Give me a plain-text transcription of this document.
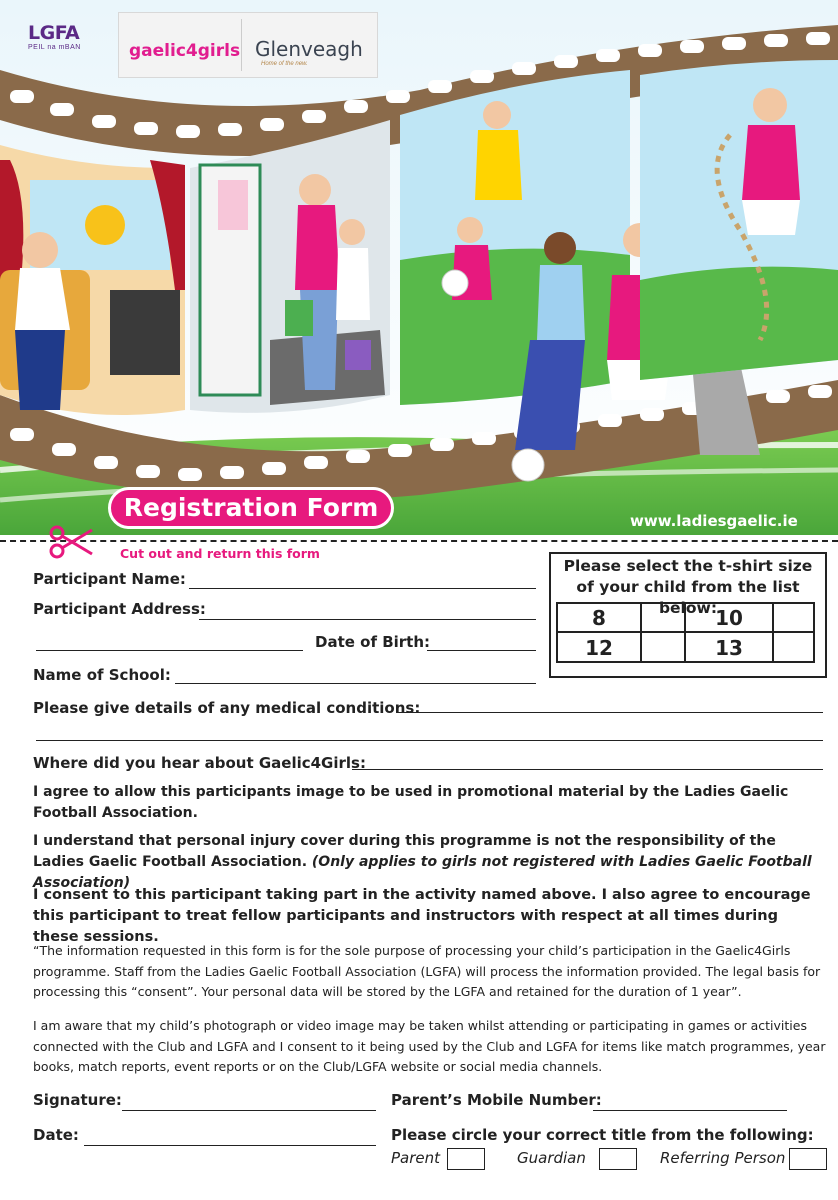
LGFA
PEIL na mBAN	gaelic4girls Glenveagh
Home of the new.
Registration Form	www.ladiesgaelic.ie
Cut out and return this form
Participant Name:
Participant Address:
Date of Birth:
Name of School:
Please give details of any medical conditions:
Where did you hear about Gaelic4Girls:
Please select the t-shirt size of your child from the list below:
8	10
12	13
I agree to allow this participants image to be used in promotional material by the Ladies Gaelic Football Association.
I understand that personal injury cover during this programme is not the responsibility of the Ladies Gaelic Football Association. (Only applies to girls not registered with Ladies Gaelic Football Association)
I consent to this participant taking part in the activity named above. I also agree to encourage this participant to treat fellow participants and instructors with respect at all times during these sessions.
“The information requested in this form is for the sole purpose of processing your child’s participation in the Gaelic4Girls programme. Staff from the Ladies Gaelic Football Association (LGFA) will process the information provided. The legal basis for processing this “consent”. Your personal data will be stored by the LGFA and retained for the duration of 1 year”.
I am aware that my child’s photograph or video image may be taken whilst attending or participating in games or activities connected with the Club and LGFA and I consent to it being used by the Club and LGFA for items like match programmes, year books, match reports, event reports or on the Club/LGFA website or social media channels.
Signature:	Parent’s Mobile Number:
Date:	Please circle your correct title from the following:
Parent	Guardian	Referring Person
